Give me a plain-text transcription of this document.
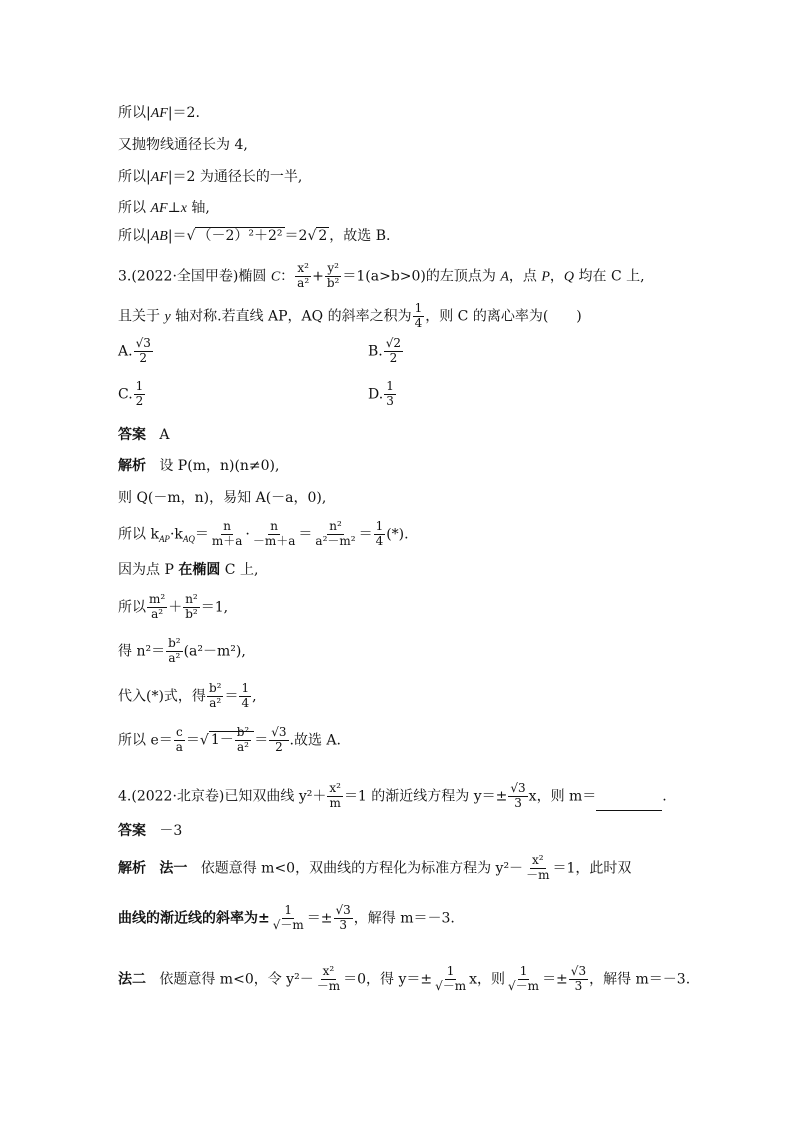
所以|AF|＝2.
又抛物线通径长为 4,
所以|AF|＝2 为通径长的一半,
所以 AF⊥x 轴,
所以|AB|＝√ （－2）²＋2² ＝2√ 2 ，故选 B.
3.(2022·全国甲卷)椭圆 C： $\frac{\text{x²}}{\text{a²}} + \frac{\text{y²}}{\text{b²}} =1(a>b>0)$的左顶点为 A，点 P，Q 均在 C 上,
且关于 y 轴对称.若直线 AP，AQ 的斜率之积为 $\frac{1}{4}$ ，则 C 的离心率为(　　)
A. $\frac{√3}{2}$	B. $\frac{√2}{2}$
C. $\frac{1}{2}$	D. $\frac{1}{3}$
答案 A
解析 设 P(m，n)(n≠0),
则 Q(－m，n)，易知 A(－a，0),
所以 $k_{AP}\cdot k_{AQ}= \frac{n}{m+a} \cdot \frac{n}{-m+a} = \frac{\text{n²}}{\text{a²－m²}} = \frac{1}{4}$ (*).
因为点 P 在椭圆 C 上,
所以 $\frac{\text{m²}}{\text{a²}} + \frac{\text{n²}}{\text{b²}} =1$,
得 $n^2= \frac{\text{b²}}{\text{a²}} (a^2-m^2)$,
代入(*)式，得 $\frac{\text{b²}}{\text{a²}} = \frac{1}{4}$ ,
所以 $e= \frac{c}{a}$ ＝√ $1- \frac{\text{b²}}{\text{a²}} = \frac{√3}{2}$ .故选 A.
4.(2022·北京卷)已知双曲线 $y^2+ \frac{\text{x²}}{m} =1$ 的渐近线方程为 $y=\pm \frac{√3}{3}$ x，则 m＝	.
答案 －3
解析 法一 依题意得 m<0，双曲线的方程化为标准方程为 $y^2- \frac{\text{x²}}{-m} =1$，此时双
曲线的渐近线的斜率为± $\frac{1}{√-m} =\pm \frac{√3}{3}$ ，解得 m＝－3.
法二 依题意得 m<0，令 $y^2- \frac{\text{x²}}{-m} =0$，得 $y=\pm \frac{1}{√-m}$ x，则 $\frac{1}{√-m} =\pm \frac{√3}{3}$ ，解得 m＝－3.
